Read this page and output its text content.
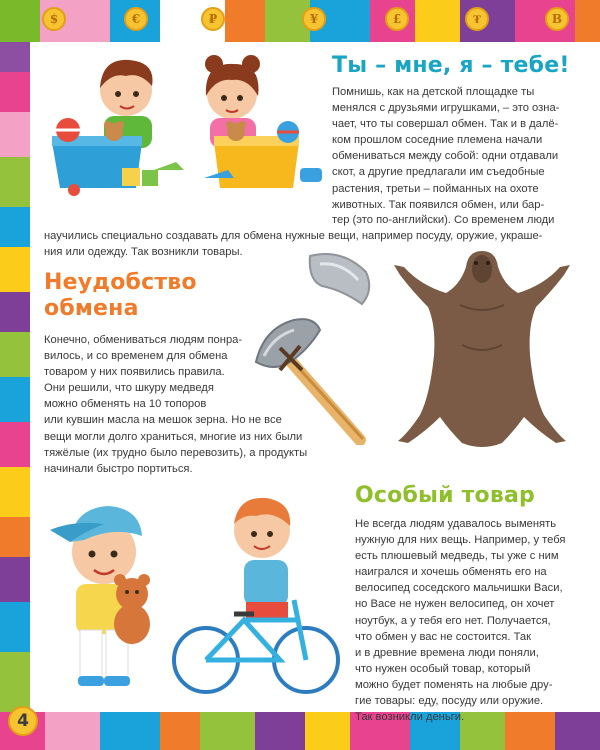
$	€	₽	¥	£	₮	B
Ты – мне, я – тебе!

Помнишь, как на детской площадке ты
менялся с друзьями игрушками, – это озна-
чает, что ты совершал обмен. Так и в далё-
ком прошлом соседние племена начали
обмениваться между собой: одни отдавали
скот, а другие предлагали им съедобные
растения, третьи – пойманных на охоте
животных. Так появился обмен, или бар-

тер (это по-английски). Со временем люди
научились специально создавать для обмена нужные вещи, например посуду, оружие, украше-
ния или одежду. Так возникли товары.

Неудобство
обмена

Конечно, обмениваться людям понра-
вилось, и со временем для обмена
товаром у них появились правила.
Они решили, что шкуру медведя
можно обменять на 10 топоров
или кувшин масла на мешок зерна. Но не все
вещи могли долго храниться, многие из них были
тяжёлые (их трудно было перевозить), а продукты
начинали быстро портиться.

Особый товар

Не всегда людям удавалось выменять
нужную для них вещь. Например, у тебя
есть плюшевый медведь, ты уже с ним
наигрался и хочешь обменять его на
велосипед соседского мальчишки Васи,
но Васе не нужен велосипед, он хочет
ноутбук, а у тебя его нет. Получается,
что обмен у вас не состоится. Так
и в древние времена люди поняли,
что нужен особый товар, который
можно будет поменять на любые дру-
гие товары: еду, посуду или оружие.
Так возникли деньги.

4
